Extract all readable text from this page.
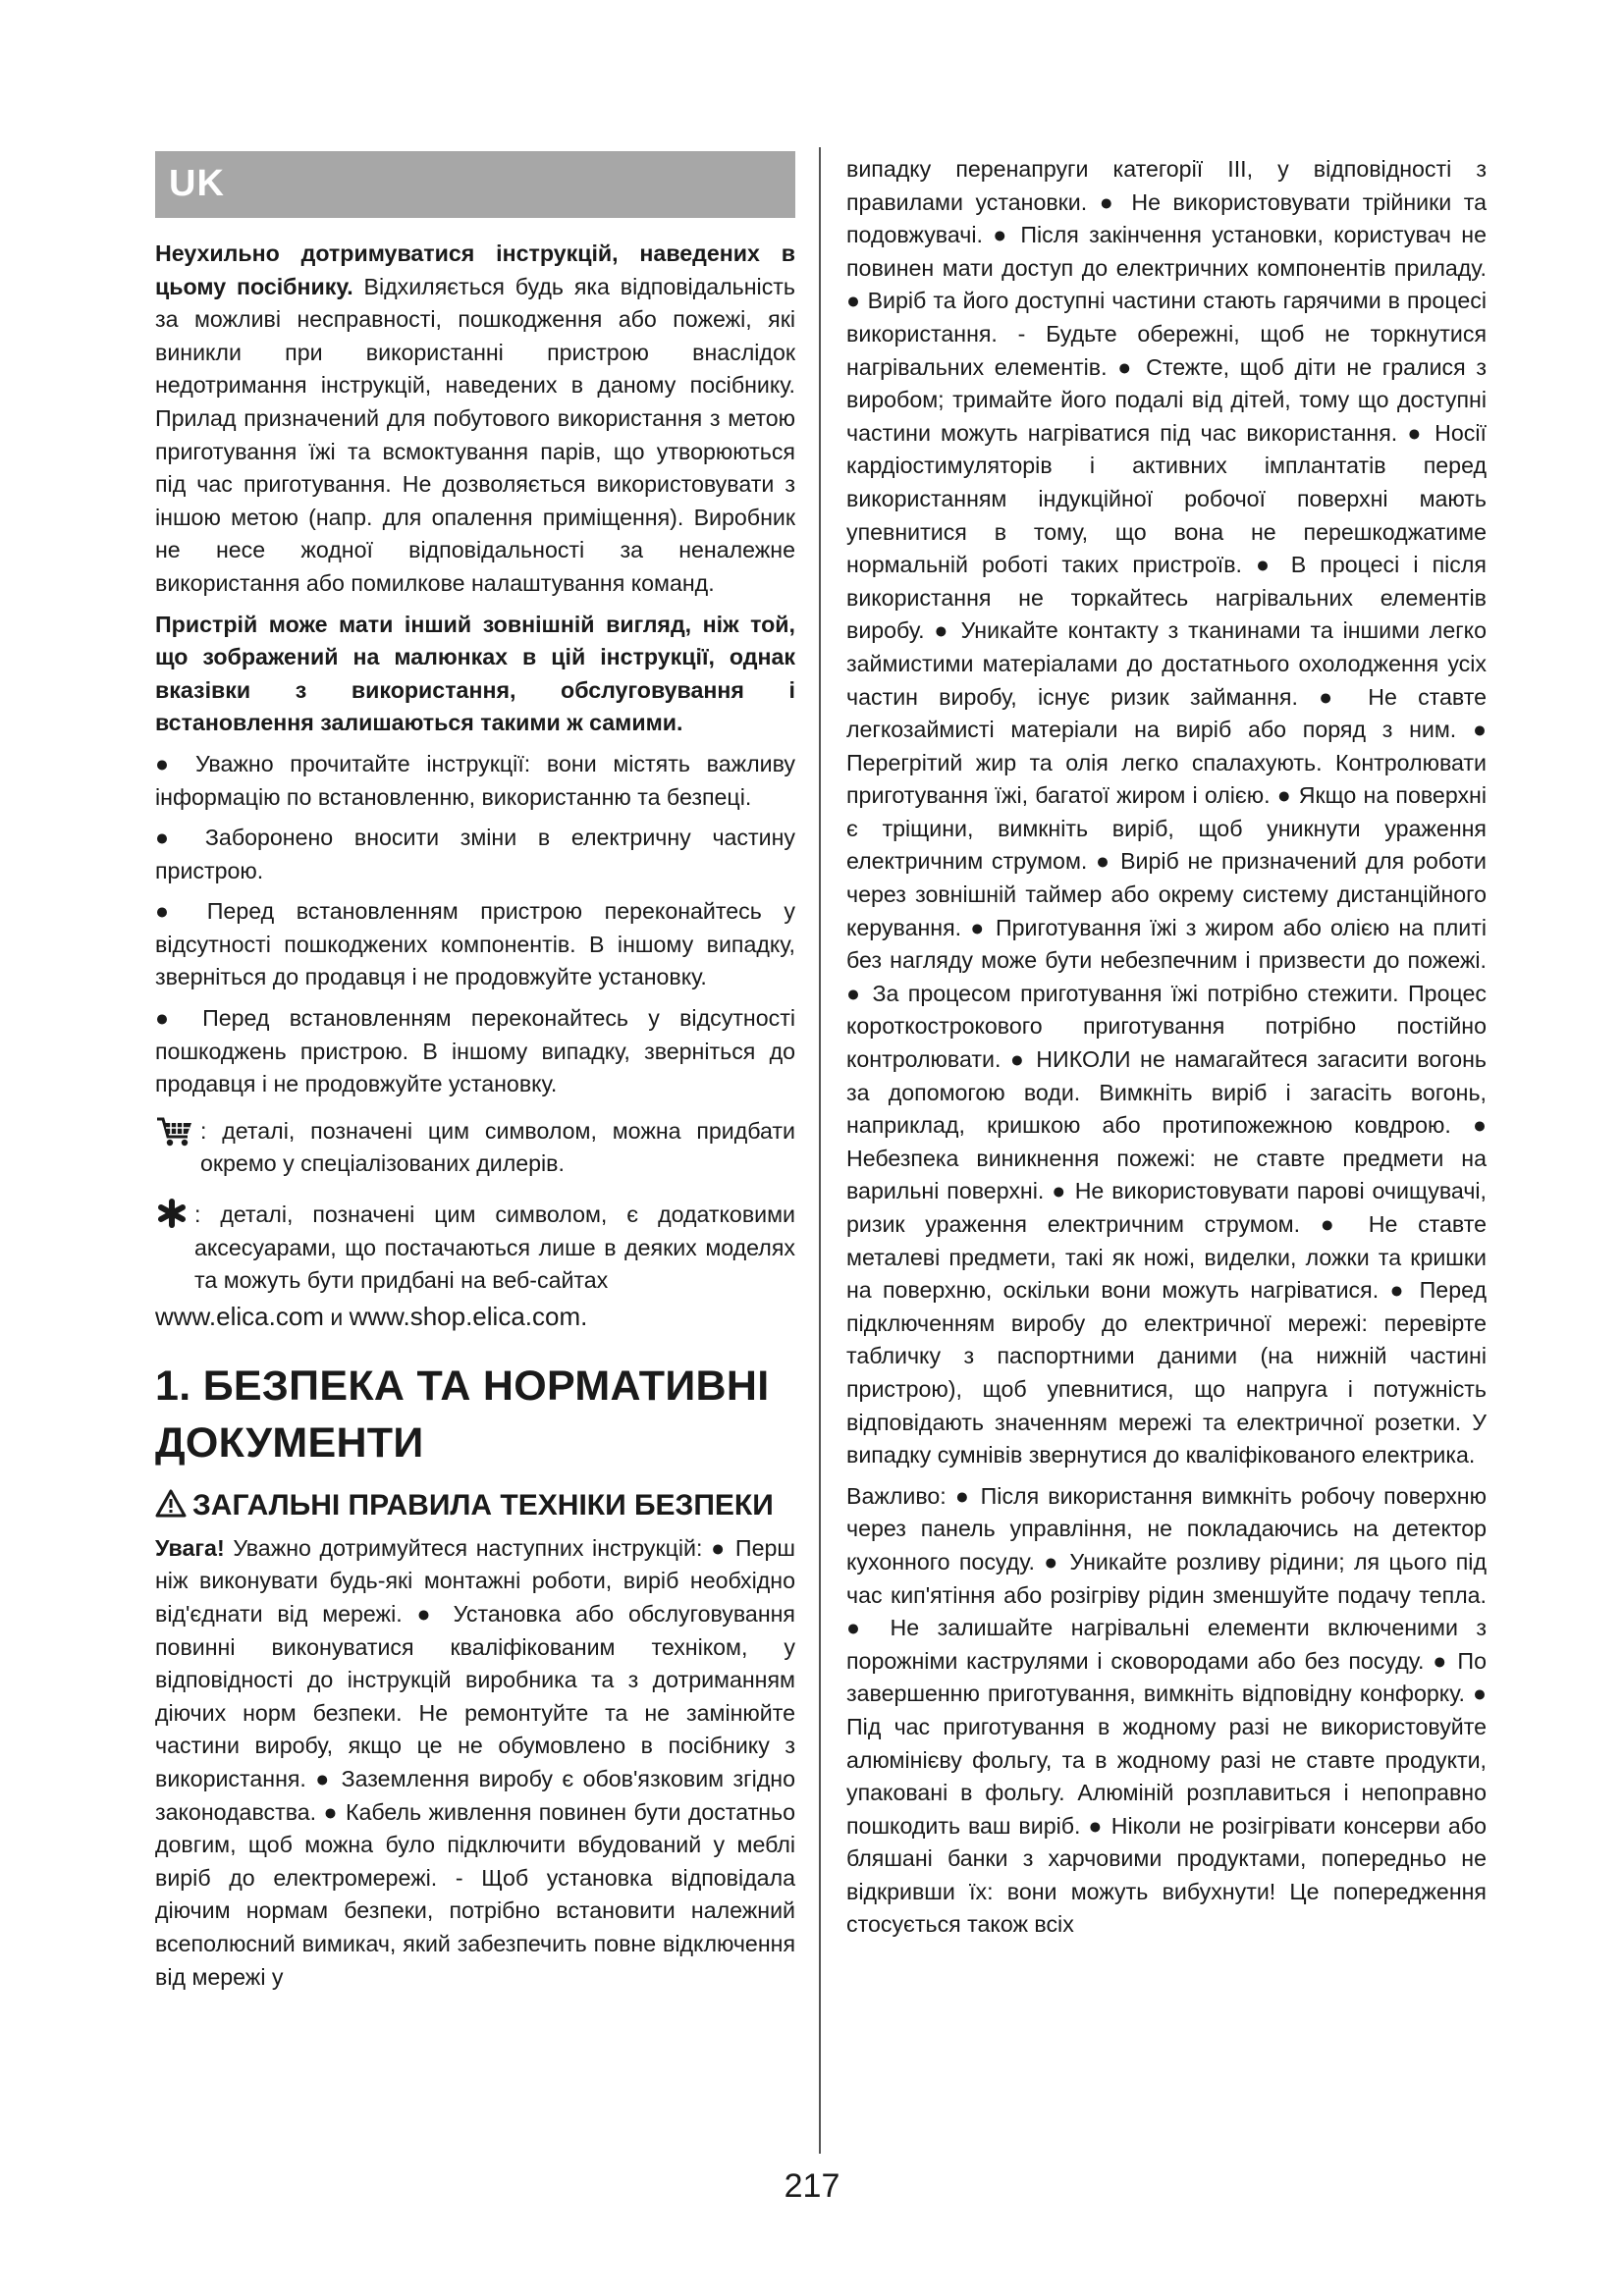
UK

Неухильно дотримуватися інструкцій, наведених в цьому посібнику. Відхиляється будь яка відповідальність за можливі несправності, пошкодження або пожежі, які виникли при використанні пристрою внаслідок недотримання інструкцій, наведених в даному посібнику. Прилад призначений для побутового використання з метою приготування їжі та всмоктування парів, що утворюються під час приготування. Не дозволяється використовувати з іншою метою (напр. для опалення приміщення). Виробник не несе жодної відповідальності за неналежне використання або помилкове налаштування команд.

Пристрій може мати інший зовнішній вигляд, ніж той, що зображений на малюнках в цій інструкції, однак вказівки з використання, обслуговування і встановлення залишаються такими ж самими.

● Уважно прочитайте інструкції: вони містять важливу інформацію по встановленню, використанню та безпеці.

● Заборонено вносити зміни в електричну частину пристрою.

● Перед встановленням пристрою переконайтесь у відсутності пошкоджених компонентів. В іншому випадку, зверніться до продавця і не продовжуйте установку.

● Перед встановленням переконайтесь у відсутності пошкоджень пристрою. В іншому випадку, зверніться до продавця і не продовжуйте установку.

: деталі, позначені цим символом, можна придбати окремо у спеціалізованих дилерів.

: деталі, позначені цим символом, є додатковими аксесуарами, що постачаються лише в деяких моделях та можуть бути придбані на веб-сайтах

www.elica.com и www.shop.elica.com.

1. БЕЗПЕКА ТА НОРМАТИВНІ ДОКУМЕНТИ
ЗАГАЛЬНІ ПРАВИЛА ТЕХНІКИ БЕЗПЕКИ

Увага! Уважно дотримуйтеся наступних інструкцій: ● Перш ніж виконувати будь-які монтажні роботи, виріб необхідно від'єднати від мережі. ● Установка або обслуговування повинні виконуватися кваліфікованим техніком, у відповідності до інструкцій виробника та з дотриманням діючих норм безпеки. Не ремонтуйте та не замінюйте частини виробу, якщо це не обумовлено в посібнику з використання. ● Заземлення виробу є обов'язковим згідно законодавства. ● Кабель живлення повинен бути достатньо довгим, щоб можна було підключити вбудований у меблі виріб до електромережі. - Щоб установка відповідала діючим нормам безпеки, потрібно встановити належний всеполюсний вимикач, який забезпечить повне відключення від мережі у

випадку перенапруги категорії III, у відповідності з правилами установки. ● Не використовувати трійники та подовжувачі. ● Після закінчення установки, користувач не повинен мати доступ до електричних компонентів приладу. ● Виріб та його доступні частини стають гарячими в процесі використання. - Будьте обережні, щоб не торкнутися нагрівальних елементів. ● Стежте, щоб діти не гралися з виробом; тримайте його подалі від дітей, тому що доступні частини можуть нагріватися під час використання. ● Носії кардіостимуляторів і активних імплантатів перед використанням індукційної робочої поверхні мають упевнитися в тому, що вона не перешкоджатиме нормальній роботі таких пристроїв. ● В процесі і після використання не торкайтесь нагрівальних елементів виробу. ● Уникайте контакту з тканинами та іншими легко займистими матеріалами до достатнього охолодження усіх частин виробу, існує ризик займання. ● Не ставте легкозаймисті матеріали на виріб або поряд з ним. ● Перегрітий жир та олія легко спалахують. Контролювати приготування їжі, багатої жиром і олією. ● Якщо на поверхні є тріщини, вимкніть виріб, щоб уникнути ураження електричним струмом. ● Виріб не призначений для роботи через зовнішній таймер або окрему систему дистанційного керування. ● Приготування їжі з жиром або олією на плиті без нагляду може бути небезпечним і призвести до пожежі. ● За процесом приготування їжі потрібно стежити. Процес короткострокового приготування потрібно постійно контролювати. ● НИКОЛИ не намагайтеся загасити вогонь за допомогою води. Вимкніть виріб і загасіть вогонь, наприклад, кришкою або протипожежною ковдрою. ● Небезпека виникнення пожежі: не ставте предмети на варильні поверхні. ● Не використовувати парові очищувачі, ризик ураження електричним струмом. ● Не ставте металеві предмети, такі як ножі, виделки, ложки та кришки на поверхню, оскільки вони можуть нагріватися. ● Перед підключенням виробу до електричної мережі: перевірте табличку з паспортними даними (на нижній частині пристрою), щоб упевнитися, що напруга і потужність відповідають значенням мережі та електричної розетки. У випадку сумнівів звернутися до кваліфікованого електрика.

Важливо: ● Після використання вимкніть робочу поверхню через панель управління, не покладаючись на детектор кухонного посуду. ● Уникайте розливу рідини; ля цього під час кип'ятіння або розігріву рідин зменшуйте подачу тепла. ● Не залишайте нагрівальні елементи включеними з порожніми каструлями і сковородами або без посуду. ● По завершенню приготування, вимкніть відповідну конфорку. ● Під час приготування в жодному разі не використовуйте алюмінієву фольгу, та в жодному разі не ставте продукти, упаковані в фольгу. Алюміній розплавиться і непоправно пошкодить ваш виріб. ● Ніколи не розігрівати консерви або бляшані банки з харчовими продуктами, попередньо не відкривши їх: вони можуть вибухнути! Це попередження стосується також всіх

217
